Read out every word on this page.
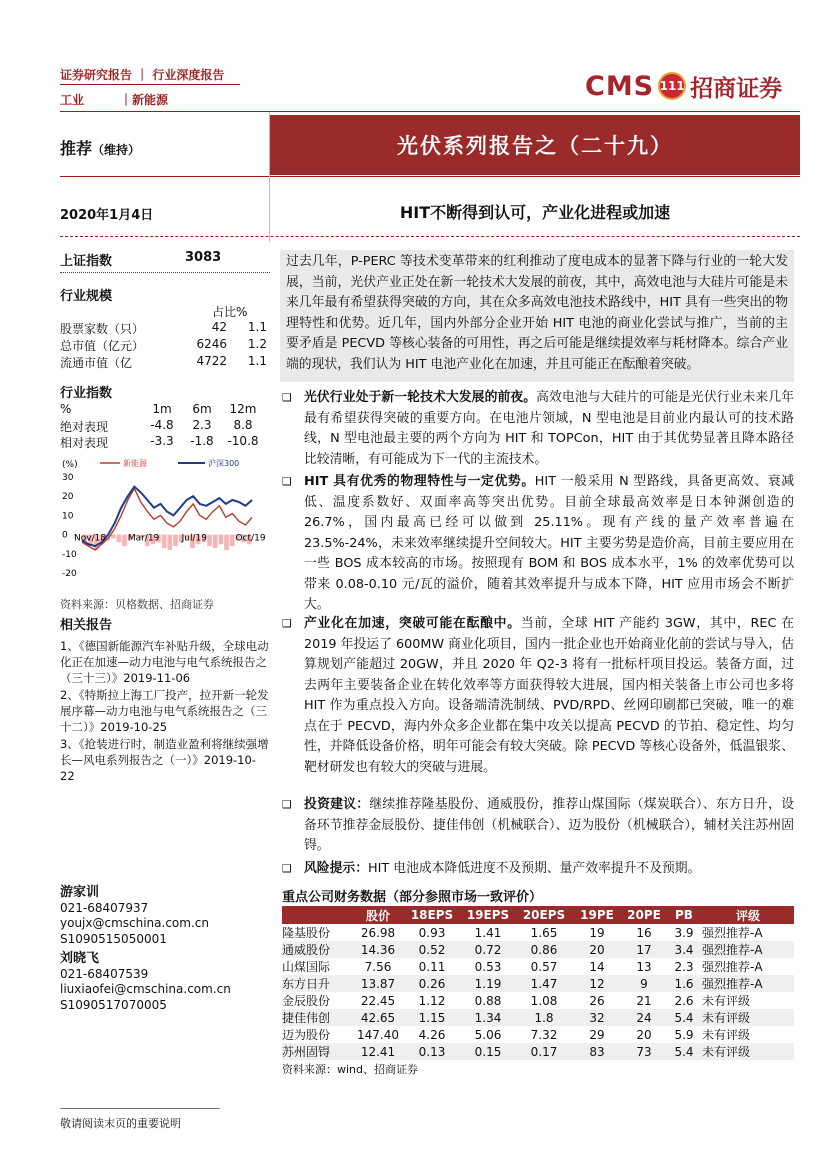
证券研究报告 ｜ 行业深度报告
工业　　　｜新能源	CMS 111 招商证券
推荐（维持）	光伏系列报告之（二十九）
2020年1月4日	HIT不断得到认可，产业化进程或加速
上证指数	3083
行业规模
占比%
股票家数（只）	42	1.1
总市值（亿元）	6246	1.2
流通市值（亿	4722	1.1
行业指数
%	1m	6m	12m
绝对表现	-4.8	2.3	8.8
相对表现	-3.3	-1.8	-10.8
(%)	新能源	沪深300
30
20
10
0
-10
-20
Nov/18 Mar/19 Jul/19	Oct/19
资料来源：贝格数据、招商证券
相关报告
1、《德国新能源汽车补贴升级，全球电动化正在加速—动力电池与电气系统报告之（三十三）》2019-11-06
2、《特斯拉上海工厂投产，拉开新一轮发展序幕—动力电池与电气系统报告之（三十二）》2019-10-25
3、《抢装进行时，制造业盈利将继续强增长—风电系列报告之（一）》2019-10-22
游家训
021-68407937
youjx@cmschina.com.cn
S1090515050001
刘晓飞
021-68407539
liuxiaofei@cmschina.com.cn
S1090517070005
过去几年，P-PERC 等技术变革带来的红利推动了度电成本的显著下降与行业的一轮大发展，当前，光伏产业正处在新一轮技术大发展的前夜，其中，高效电池与大硅片可能是未来几年最有希望获得突破的方向，其在众多高效电池技术路线中，HIT 具有一些突出的物理特性和优势。近几年，国内外部分企业开始 HIT 电池的商业化尝试与推广，当前的主要矛盾是 PECVD 等核心装备的可用性，再之后可能是继续提效率与耗材降本。综合产业端的现状，我们认为 HIT 电池产业化在加速，并且可能正在酝酿着突破。
❑ 光伏行业处于新一轮技术大发展的前夜。高效电池与大硅片的可能是光伏行业未来几年最有希望获得突破的重要方向。在电池片领域，N 型电池是目前业内最认可的技术路线，N 型电池最主要的两个方向为 HIT 和 TOPCon，HIT 由于其优势显著且降本路径比较清晰，有可能成为下一代的主流技术。
❑ HIT 具有优秀的物理特性与一定优势。HIT 一般采用 N 型路线，具备更高效、衰减低、温度系数好、双面率高等突出优势。目前全球最高效率是日本钟渊创造的 26.7%，国内最高已经可以做到 25.11%。现有产线的量产效率普遍在 23.5%-24%，未来效率继续提升空间较大。HIT 主要劣势是造价高，目前主要应用在一些 BOS 成本较高的市场。按照现有 BOM 和 BOS 成本水平，1% 的效率优势可以带来 0.08-0.10 元/瓦的溢价，随着其效率提升与成本下降，HIT 应用市场会不断扩大。
❑ 产业化在加速，突破可能在酝酿中。当前，全球 HIT 产能约 3GW，其中，REC 在 2019 年投运了 600MW 商业化项目，国内一批企业也开始商业化前的尝试与导入，估算规划产能超过 20GW，并且 2020 年 Q2-3 将有一批标杆项目投运。装备方面，过去两年主要装备企业在转化效率等方面获得较大进展，国内相关装备上市公司也多将 HIT 作为重点投入方向。设备端清洗制绒、PVD/RPD、丝网印刷都已突破，唯一的难点在于 PECVD，海内外众多企业都在集中攻关以提高 PECVD 的节拍、稳定性、均匀性，并降低设备价格，明年可能会有较大突破。除 PECVD 等核心设备外，低温银浆、靶材研发也有较大的突破与进展。
❑ 投资建议：继续推荐隆基股份、通威股份，推荐山煤国际（煤炭联合）、东方日升，设备环节推荐金辰股份、捷佳伟创（机械联合）、迈为股份（机械联合），辅材关注苏州固锝。
❑ 风险提示：HIT 电池成本降低进度不及预期、量产效率提升不及预期。
重点公司财务数据（部分参照市场一致评价）
	股价	18EPS	19EPS	20EPS	19PE	20PE	PB	评级
隆基股份	26.98	0.93	1.41	1.65	19	16	3.9	强烈推荐-A
通威股份	14.36	0.52	0.72	0.86	20	17	3.4	强烈推荐-A
山煤国际	7.56	0.11	0.53	0.57	14	13	2.3	强烈推荐-A
东方日升	13.87	0.26	1.19	1.47	12	9	1.6	强烈推荐-A
金辰股份	22.45	1.12	0.88	1.08	26	21	2.6	未有评级
捷佳伟创	42.65	1.15	1.34	1.8	32	24	5.4	未有评级
迈为股份	147.40	4.26	5.06	7.32	29	20	5.9	未有评级
苏州固锝	12.41	0.13	0.15	0.17	83	73	5.4	未有评级
资料来源：wind、招商证券
敬请阅读末页的重要说明
